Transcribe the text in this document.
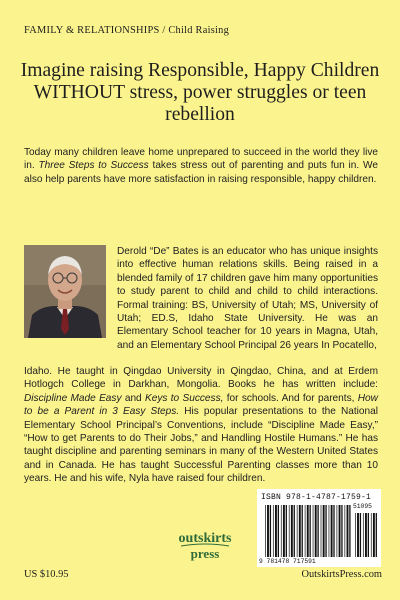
FAMILY & RELATIONSHIPS / Child Raising
Imagine raising Responsible, Happy Children WITHOUT stress, power struggles or teen rebellion
Today many children leave home unprepared to succeed in the world they live in. Three Steps to Success takes stress out of parenting and puts fun in. We also help parents have more satisfaction in raising responsible, happy children.
Derold “De” Bates is an educator who has unique insights into effective human relations skills. Being raised in a blended family of 17 children gave him many opportunities to study parent to child and child to child interactions. Formal training: BS, University of Utah; MS, University of Utah; ED.S, Idaho State University. He was an Elementary School teacher for 10 years in Magna, Utah, and an Elementary School Principal 26 years In Pocatello,
Idaho. He taught in Qingdao University in Qingdao, China, and at Erdem Hotlogch College in Darkhan, Mongolia. Books he has written include: Discipline Made Easy and Keys to Success, for schools. And for parents, How to be a Parent in 3 Easy Steps. His popular presentations to the National Elementary School Principal’s Conventions, include “Discipline Made Easy,” “How to get Parents to do Their Jobs,” and Handling Hostile Humans.” He has taught discipline and parenting seminars in many of the Western United States and in Canada. He has taught Successful Parenting classes more than 10 years. He and his wife, Nyla have raised four children.
ISBN 978-1-4787-1759-1
51095
9 781478 717591
outskirts
press
US $10.95	OutskirtsPress.com
